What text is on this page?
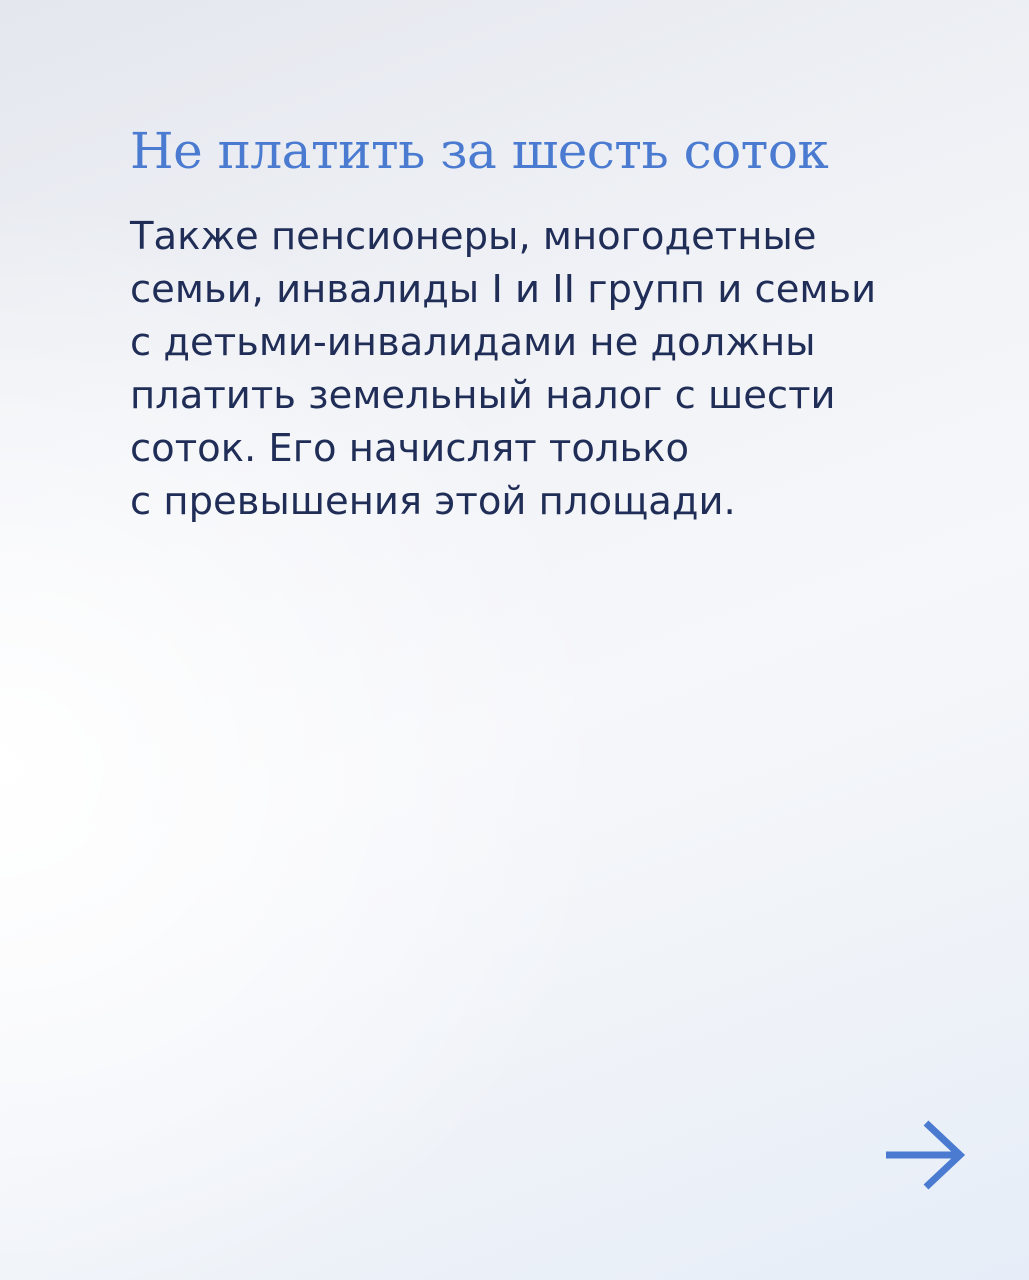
Не платить за шесть соток
Также пенсионеры, многодетные
семьи, инвалиды I и II групп и семьи
с детьми-инвалидами не должны
платить земельный налог с шести
соток. Его начислят только
с превышения этой площади.
